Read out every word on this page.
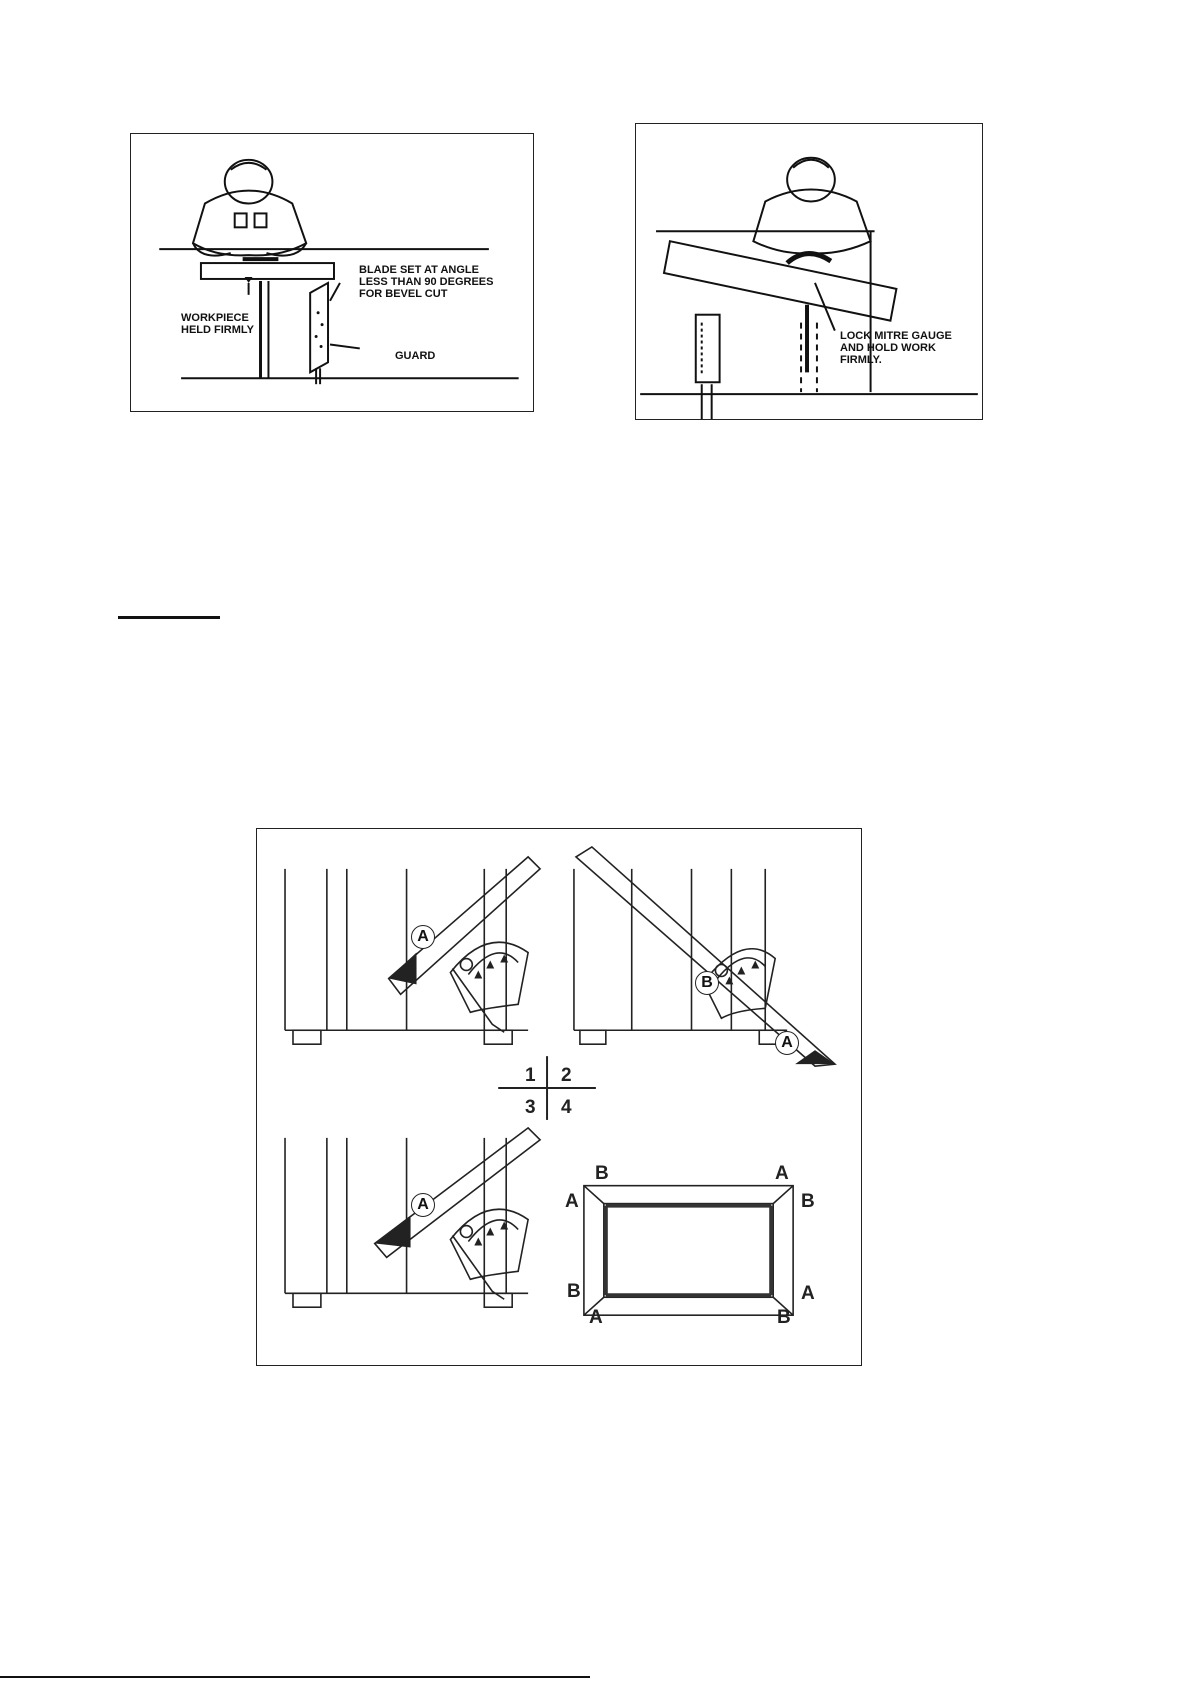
BLADE SET AT ANGLE
LESS THAN 90 DEGREES
FOR BEVEL CUT
WORKPIECE
HELD FIRMLY
GUARD
LOCK MITRE GAUGE
AND HOLD WORK
FIRMLY.
1 2
3 4
A
B
A
A
B
A
A
B
B
A
A
B
